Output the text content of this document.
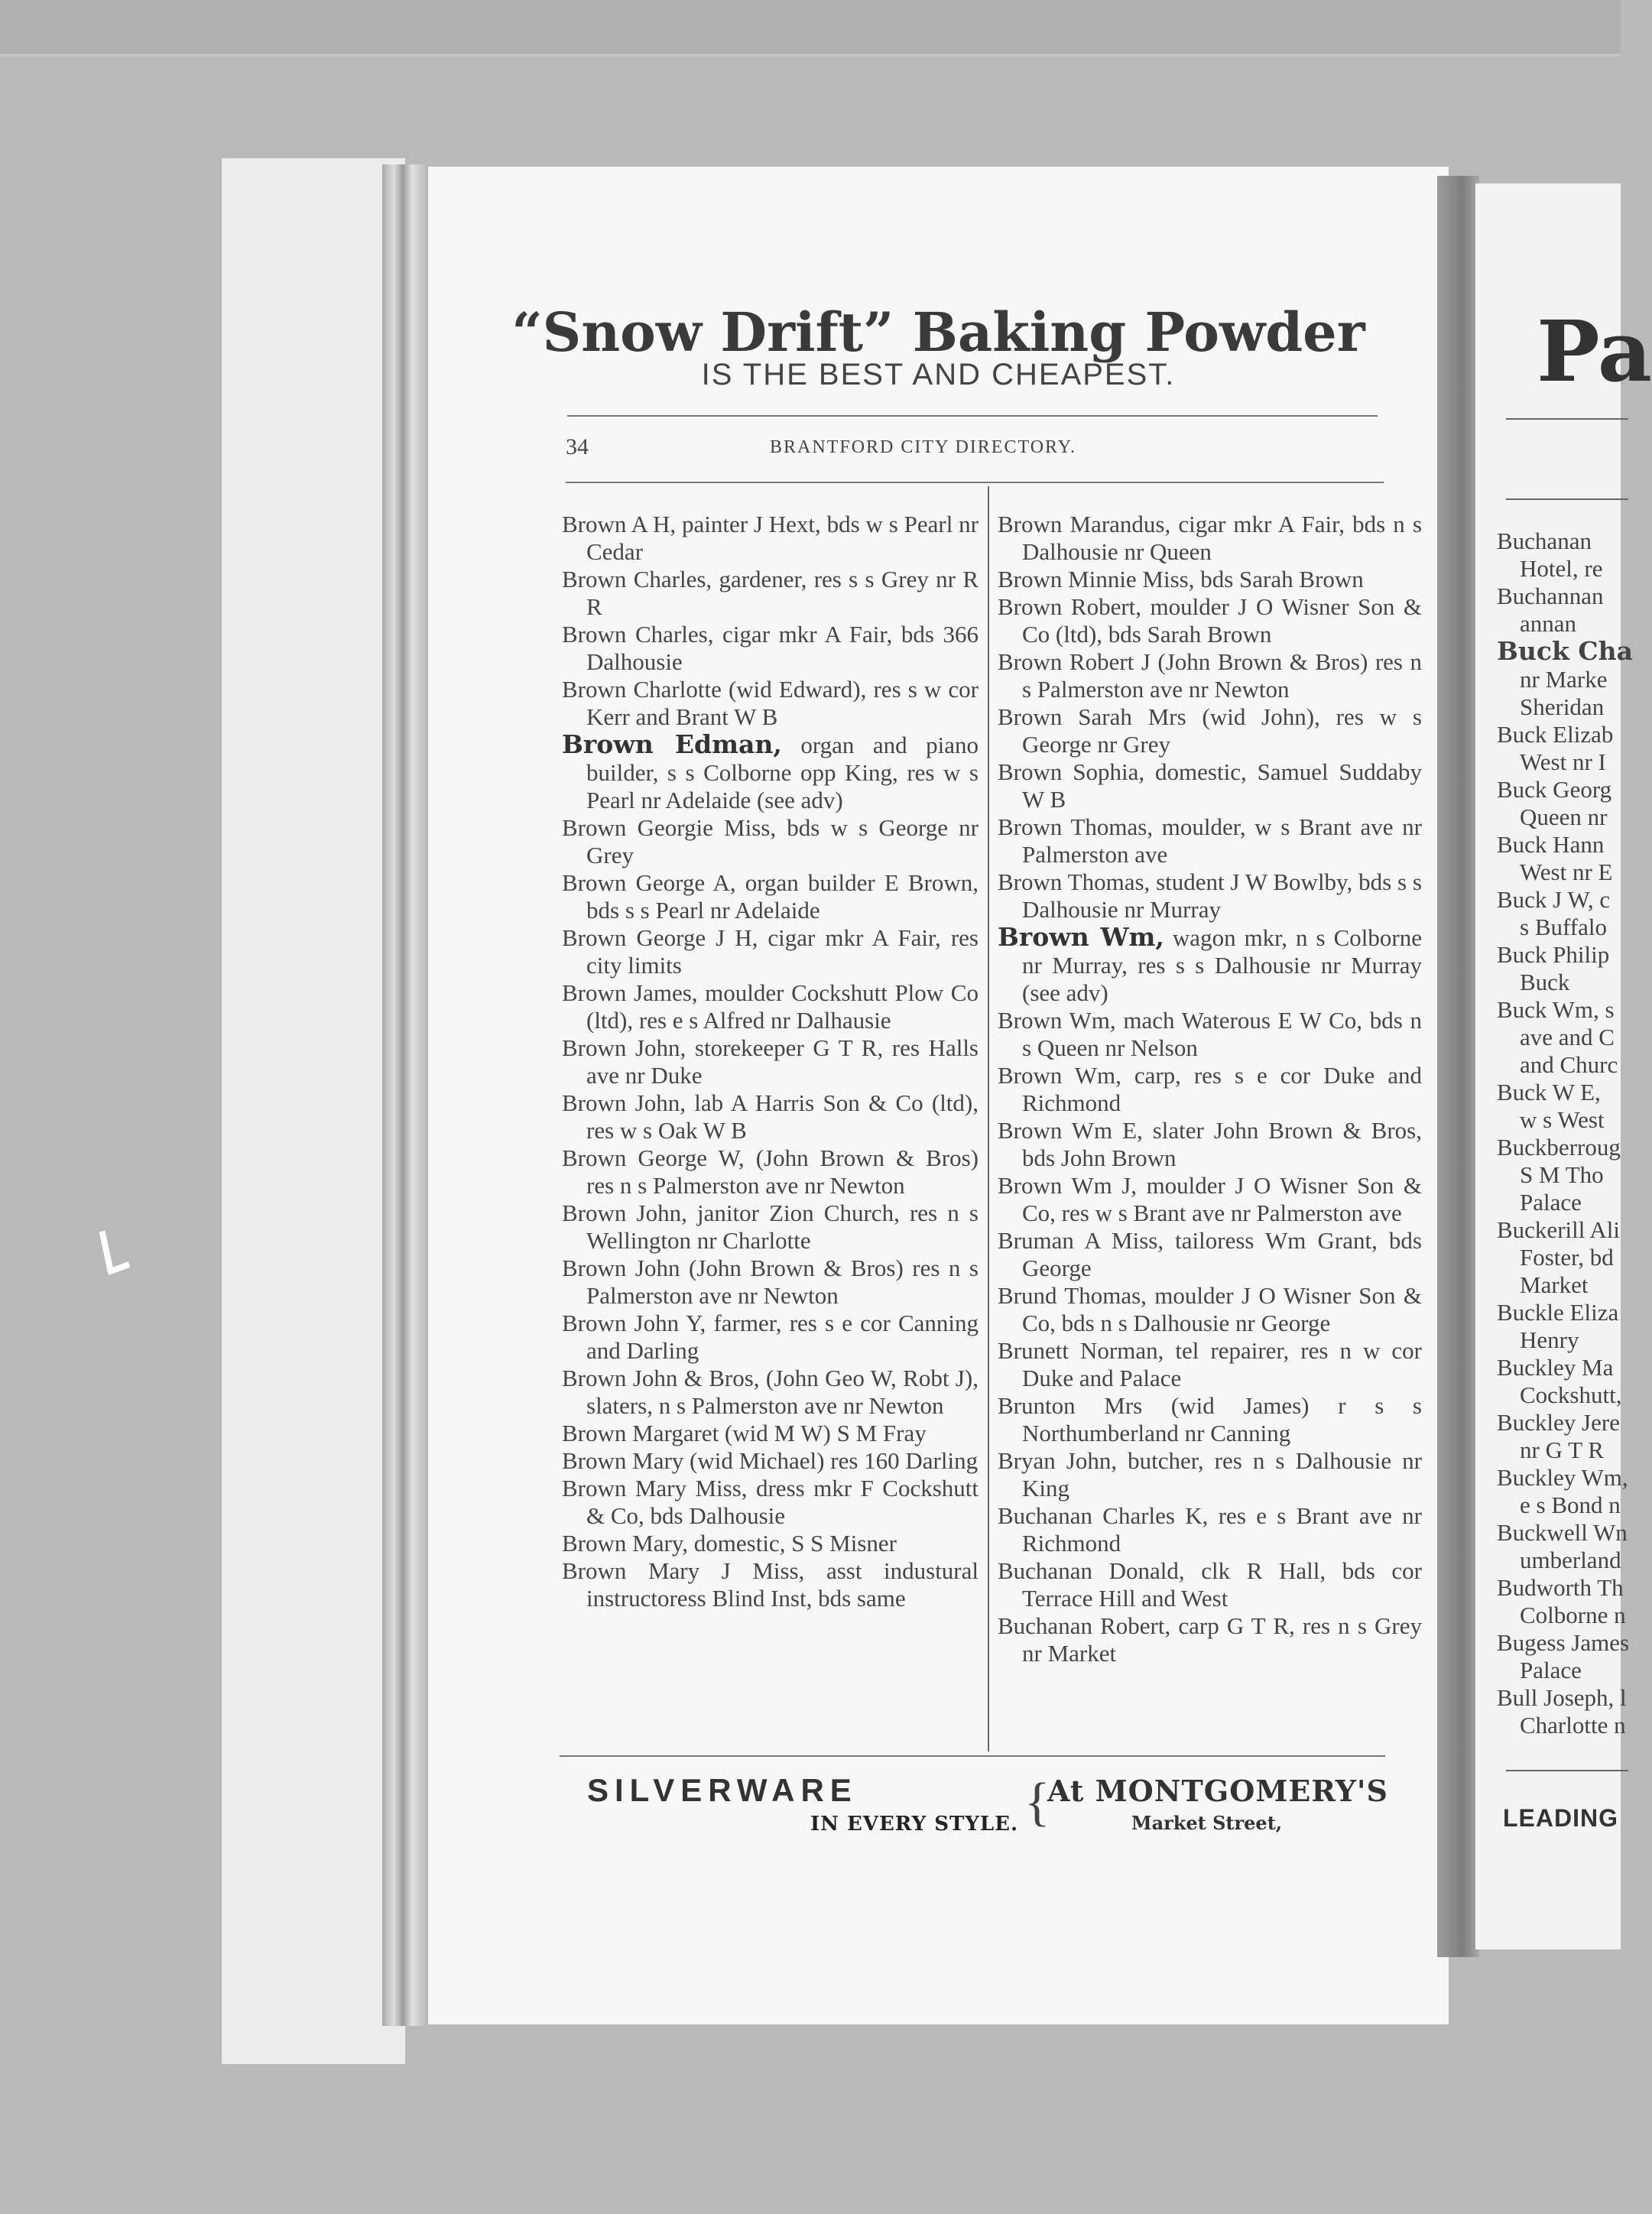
“Snow Drift” Baking Powder
IS THE BEST AND CHEAPEST.
34	BRANTFORD CITY DIRECTORY.

Brown A H, painter J Hext, bds w s Pearl nr Cedar

Brown Charles, gardener, res s s Grey nr R R

Brown Charles, cigar mkr A Fair, bds 366 Dalhousie

Brown Charlotte (wid Edward), res s w cor Kerr and Brant W B

Brown Edman, organ and piano builder, s s Colborne opp King, res w s Pearl nr Adelaide (see adv)

Brown Georgie Miss, bds w s George nr Grey

Brown George A, organ builder E Brown, bds s s Pearl nr Adelaide

Brown George J H, cigar mkr A Fair, res city limits

Brown James, moulder Cockshutt Plow Co (ltd), res e s Alfred nr Dalhausie

Brown John, storekeeper G T R, res Halls ave nr Duke

Brown John, lab A Harris Son & Co (ltd), res w s Oak W B

Brown George W, (John Brown & Bros) res n s Palmerston ave nr Newton

Brown John, janitor Zion Church, res n s Wellington nr Charlotte

Brown John (John Brown & Bros) res n s Palmerston ave nr Newton

Brown John Y, farmer, res s e cor Canning and Darling

Brown John & Bros, (John Geo W, Robt J), slaters, n s Palmerston ave nr Newton

Brown Margaret (wid M W) S M Fray

Brown Mary (wid Michael) res 160 Darling

Brown Mary Miss, dress mkr F Cockshutt & Co, bds Dalhousie

Brown Mary, domestic, S S Misner

Brown Mary J Miss, asst industural instructoress Blind Inst, bds same

Brown Marandus, cigar mkr A Fair, bds n s Dalhousie nr Queen

Brown Minnie Miss, bds Sarah Brown

Brown Robert, moulder J O Wisner Son & Co (ltd), bds Sarah Brown

Brown Robert J (John Brown & Bros) res n s Palmerston ave nr Newton

Brown Sarah Mrs (wid John), res w s George nr Grey

Brown Sophia, domestic, Samuel Suddaby W B

Brown Thomas, moulder, w s Brant ave nr Palmerston ave

Brown Thomas, student J W Bowlby, bds s s Dalhousie nr Murray

Brown Wm, wagon mkr, n s Colborne nr Murray, res s s Dalhousie nr Murray (see adv)

Brown Wm, mach Waterous E W Co, bds n s Queen nr Nelson

Brown Wm, carp, res s e cor Duke and Richmond

Brown Wm E, slater John Brown & Bros, bds John Brown

Brown Wm J, moulder J O Wisner Son & Co, res w s Brant ave nr Palmerston ave

Bruman A Miss, tailoress Wm Grant, bds George

Brund Thomas, moulder J O Wisner Son & Co, bds n s Dalhousie nr George

Brunett Norman, tel repairer, res n w cor Duke and Palace

Brunton Mrs (wid James) r s s Northumberland nr Canning

Bryan John, butcher, res n s Dalhousie nr King

Buchanan Charles K, res e s Brant ave nr Richmond

Buchanan Donald, clk R Hall, bds cor Terrace Hill and West

Buchanan Robert, carp G T R, res n s Grey nr Market

SILVERWARE
IN EVERY STYLE. {
At MONTGOMERY'S
Market Street,
Pa
Buchanan
Hotel, re
Buchannan
annan
Buck Cha
nr Marke
Sheridan
Buck Elizab
West nr I
Buck Georg
Queen nr
Buck Hann
West nr E
Buck J W, c
s Buffalo
Buck Philip
Buck
Buck Wm, s
ave and C
and Churc
Buck W E,
w s West
Buckberroug
S M Tho
Palace
Buckerill Ali
Foster, bd
Market
Buckle Eliza
Henry
Buckley Ma
Cockshutt,
Buckley Jere
nr G T R
Buckley Wm,
e s Bond n
Buckwell Wn
umberland
Budworth Th
Colborne n
Bugess James
Palace
Bull Joseph, l
Charlotte n
LEADING
